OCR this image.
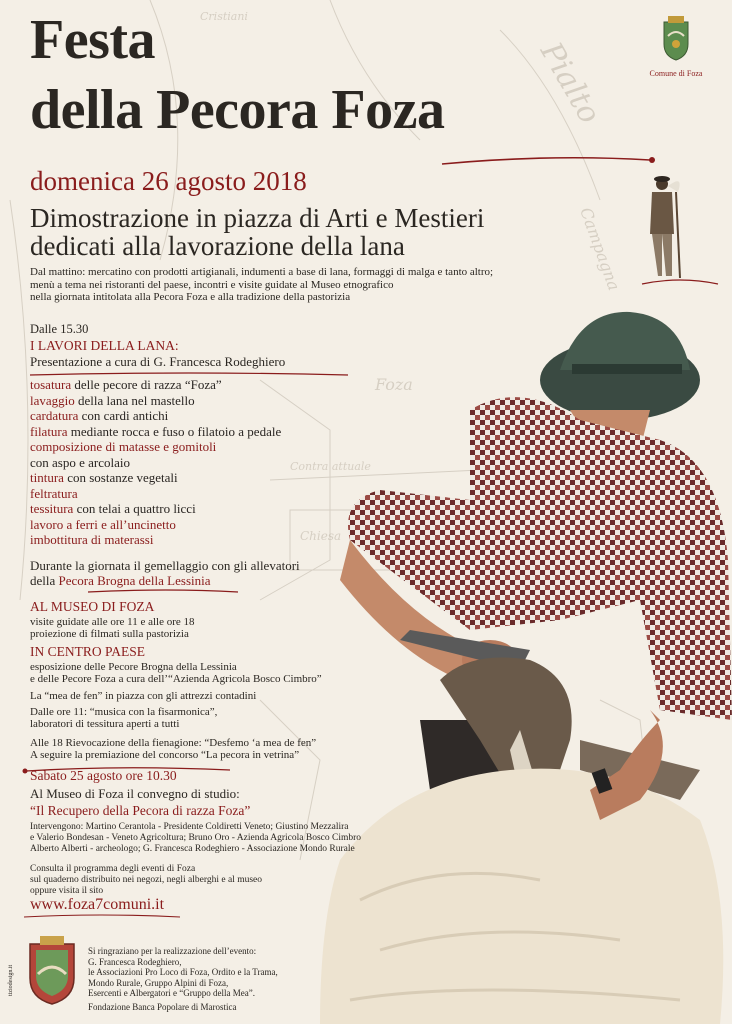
Pialto
Campagna
Foza
Contra attuale
Chiesa
Cristiani
Festa
della Pecora Foza
Comune di Foza
domenica 26 agosto 2018
Dimostrazione in piazza di Arti e Mestieri
dedicati alla lavorazione della lana
Dal mattino: mercatino con prodotti artigianali, indumenti a base di lana, formaggi di malga e tanto altro;
menù a tema nei ristoranti del paese, incontri e visite guidate al Museo etnografico
nella giornata intitolata alla Pecora Foza e alla tradizione della pastorizia
Dalle 15.30
I LAVORI DELLA LANA:
Presentazione a cura di G. Francesca Rodeghiero
tosatura delle pecore di razza “Foza”
lavaggio della lana nel mastello
cardatura con cardi antichi
filatura mediante rocca e fuso o filatoio a pedale
composizione di matasse e gomitoli
con aspo e arcolaio
tintura con sostanze vegetali
feltratura
tessitura con telai a quattro licci
lavoro a ferri e all’uncinetto
imbottitura di materassi
Durante la giornata il gemellaggio con gli allevatori
della Pecora Brogna della Lessinia
AL MUSEO DI FOZA
visite guidate alle ore 11 e alle ore 18
proiezione di filmati sulla pastorizia
IN CENTRO PAESE
esposizione delle Pecore Brogna della Lessinia
e delle Pecore Foza a cura dell’“Azienda Agricola Bosco Cimbro”
La “mea de fen” in piazza con gli attrezzi contadini
Dalle ore 11: “musica con la fisarmonica”,
laboratori di tessitura aperti a tutti
Alle 18 Rievocazione della fienagione: “Desfemo ‘a mea de fen”
A seguire la premiazione del concorso “La pecora in vetrina”
Sabato 25 agosto ore 10.30
Al Museo di Foza il convegno di studio:
“Il Recupero della Pecora di razza Foza”
Intervengono: Martino Cerantola - Presidente Coldiretti Veneto; Giustino Mezzalira
e Valerio Bondesan - Veneto Agricoltura; Bruno Oro - Azienda Agricola Bosco Cimbro
Alberto Alberti - archeologo; G. Francesca Rodeghiero - Associazione Mondo Rurale
Consulta il programma degli eventi di Foza
sul quaderno distribuito nei negozi, negli alberghi e al museo
oppure visita il sito
www.foza7comuni.it
tiziodesign.it
Si ringraziano per la realizzazione dell’evento:
G. Francesca Rodeghiero,
le Associazioni Pro Loco di Foza, Ordito e la Trama,
Mondo Rurale, Gruppo Alpini di Foza,
Esercenti e Albergatori e “Gruppo della Mea”.
Fondazione Banca Popolare di Marostica
